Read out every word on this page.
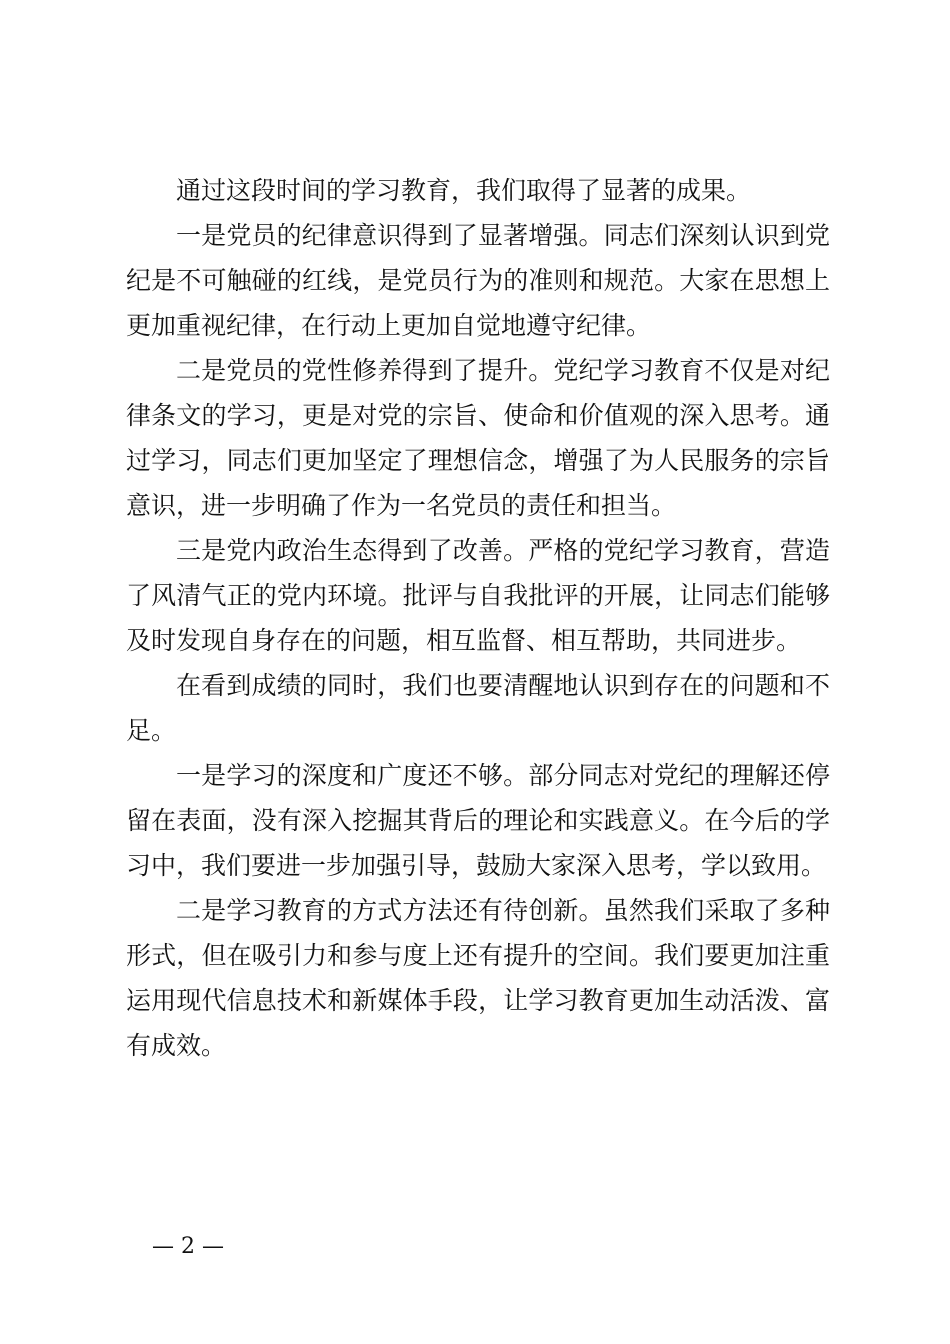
通过这段时间的学习教育，我们取得了显著的成果。

一是党员的纪律意识得到了显著增强。同志们深刻认识到党纪是不可触碰的红线，是党员行为的准则和规范。大家在思想上更加重视纪律，在行动上更加自觉地遵守纪律。

二是党员的党性修养得到了提升。党纪学习教育不仅是对纪律条文的学习，更是对党的宗旨、使命和价值观的深入思考。通过学习，同志们更加坚定了理想信念，增强了为人民服务的宗旨意识，进一步明确了作为一名党员的责任和担当。

三是党内政治生态得到了改善。严格的党纪学习教育，营造了风清气正的党内环境。批评与自我批评的开展，让同志们能够及时发现自身存在的问题，相互监督、相互帮助，共同进步。

在看到成绩的同时，我们也要清醒地认识到存在的问题和不足。

一是学习的深度和广度还不够。部分同志对党纪的理解还停留在表面，没有深入挖掘其背后的理论和实践意义。在今后的学习中，我们要进一步加强引导，鼓励大家深入思考，学以致用。

二是学习教育的方式方法还有待创新。虽然我们采取了多种形式，但在吸引力和参与度上还有提升的空间。我们要更加注重运用现代信息技术和新媒体手段，让学习教育更加生动活泼、富有成效。

— 2 —
